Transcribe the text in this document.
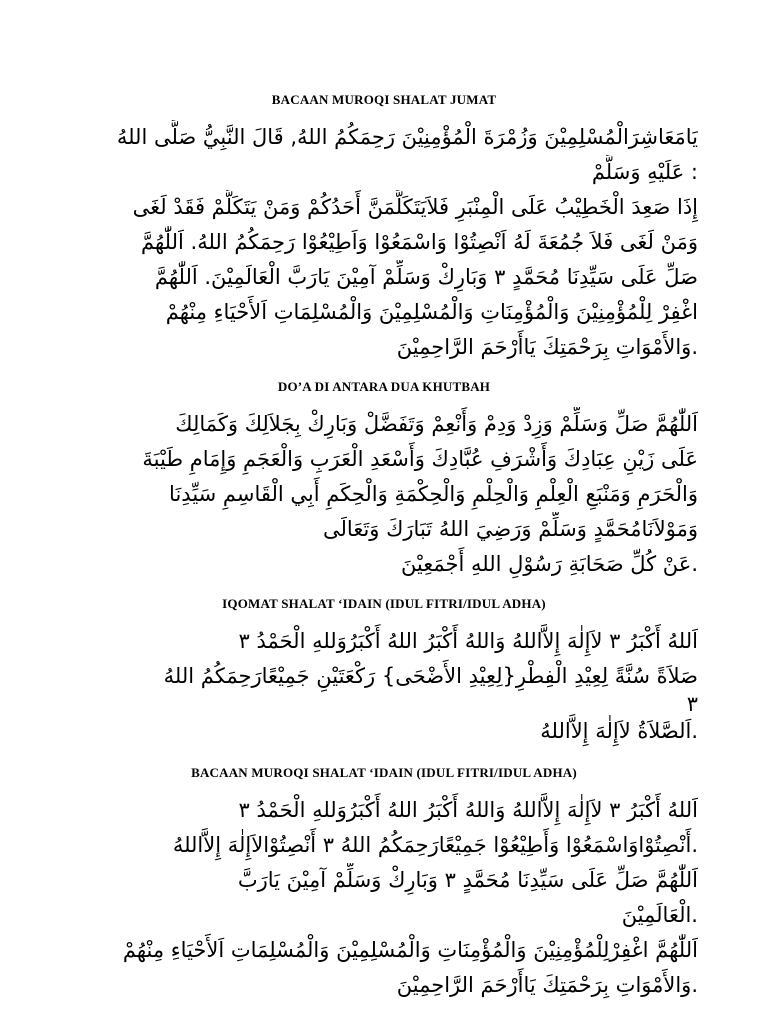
BACAAN MUROQI SHALAT JUMAT
يَامَعَاشِرَالْمُسْلِمِيْنَ وَزُمْرَةَ الْمُؤْمِنِيْنَ رَحِمَكُمُ اللهُ, قَالَ النَّبِيُّ صَلَّى اللهُ
: عَلَيْهِ وَسَلَّمْ
إِذَا صَعِدَ الْخَطِيْبُ عَلَى الْمِنْبَرِ فَلاَيَتَكَلَّمَنَّ أَحَدُكُمْ وَمَنْ يَتَكَلَّمْ فَقَدْ لَغَى
وَمَنْ لَغَى فَلاَ جُمُعَةَ لَهُ اَنْصِتُوْا وَاسْمَعُوْا وَاَطِيْعُوْا رَحِمَكُمُ اللهُ. اَللّٰهُمَّ
صَلِّ عَلَى سَيِّدِنَا مُحَمَّدٍ ٣ وَبَارِكْ وَسَلِّمْ آمِيْنَ يَارَبَّ الْعَالَمِيْنَ. اَللّٰهُمَّ
اغْفِرْ لِلْمُؤْمِنِيْنَ وَالْمُؤْمِنَاتِ وَالْمُسْلِمِيْنَ وَالْمُسْلِمَاتِ اَلأَحْيَاءِ مِنْهُمْ
.وَالأَمْوَاتِ بِرَحْمَتِكَ يَاأَرْحَمَ الرَّاحِمِيْنَ
DO’A DI ANTARA DUA KHUTBAH
اَللّٰهُمَّ صَلِّ وَسَلِّمْ وَزِدْ وَدِمْ وَأَنْعِمْ وَتَفَضَّلْ وَبَارِكْ بِجَلاَلِكَ وَكَمَالِكَ
عَلَى زَيْنِ عِبَادِكَ وَأَشْرَفِ عُبَّادِكَ وَأَسْعَدِ الْعَرَبِ وَالْعَجَمِ وَإِمَامِ طَيْبَةَ
وَالْحَرَمِ وَمَنْبَعِ الْعِلْمِ وَالْحِلْمِ وَالْحِكْمَةِ وَالْحِكَمِ أَبِي الْقَاسِمِ سَيِّدِنَا
وَمَوْلاَنَامُحَمَّدٍ وَسَلِّمْ وَرَضِيَ اللهُ تَبَارَكَ وَتَعَالَى
.عَنْ كُلِّ صَحَابَةِ رَسُوْلِ اللهِ أَجْمَعِيْنَ
IQOMAT SHALAT ‘IDAIN (IDUL FITRI/IDUL ADHA)
اَللهُ أَكْبَرُ ٣ لاَإِلٰهَ إِلاَّاللهُ وَاللهُ أَكْبَرُ اللهُ أَكْبَرُوَللهِ الْحَمْدُ ٣
صَلاَةً سُنَّةً لِعِيْدِ الْفِطْرِ{لِعِيْدِ الأَضْحَى} رَكْعَتَيْنِ جَمِيْعًارَحِمَكُمُ اللهُ
٣
.اَلصَّلاَةُ لاَإِلٰهَ إِلاَّاللهُ
BACAAN MUROQI SHALAT ‘IDAIN (IDUL FITRI/IDUL ADHA)
اَللهُ أَكْبَرُ ٣ لاَإِلٰهَ إِلاَّاللهُ وَاللهُ أَكْبَرُ اللهُ أَكْبَرُوَللهِ الْحَمْدُ ٣
.أَنْصِتُوْاوَاسْمَعُوْا وَأَطِيْعُوْا جَمِيْعًارَحِمَكُمُ اللهُ ٣ أَنْصِتُوْالاَإِلٰهَ إِلاَّاللهُ
اَللّٰهُمَّ صَلِّ عَلَى سَيِّدِنَا مُحَمَّدٍ ٣ وَبَارِكْ وَسَلِّمْ آمِيْنَ يَارَبَّ
.الْعَالَمِيْنَ
اَللّٰهُمَّ اغْفِرْلِلْمُؤْمِنِيْنَ وَالْمُؤْمِنَاتِ وَالْمُسْلِمِيْنَ وَالْمُسْلِمَاتِ اَلأَحْيَاءِ مِنْهُمْ
.وَالأَمْوَاتِ بِرَحْمَتِكَ يَاأَرْحَمَ الرَّاحِمِيْنَ
